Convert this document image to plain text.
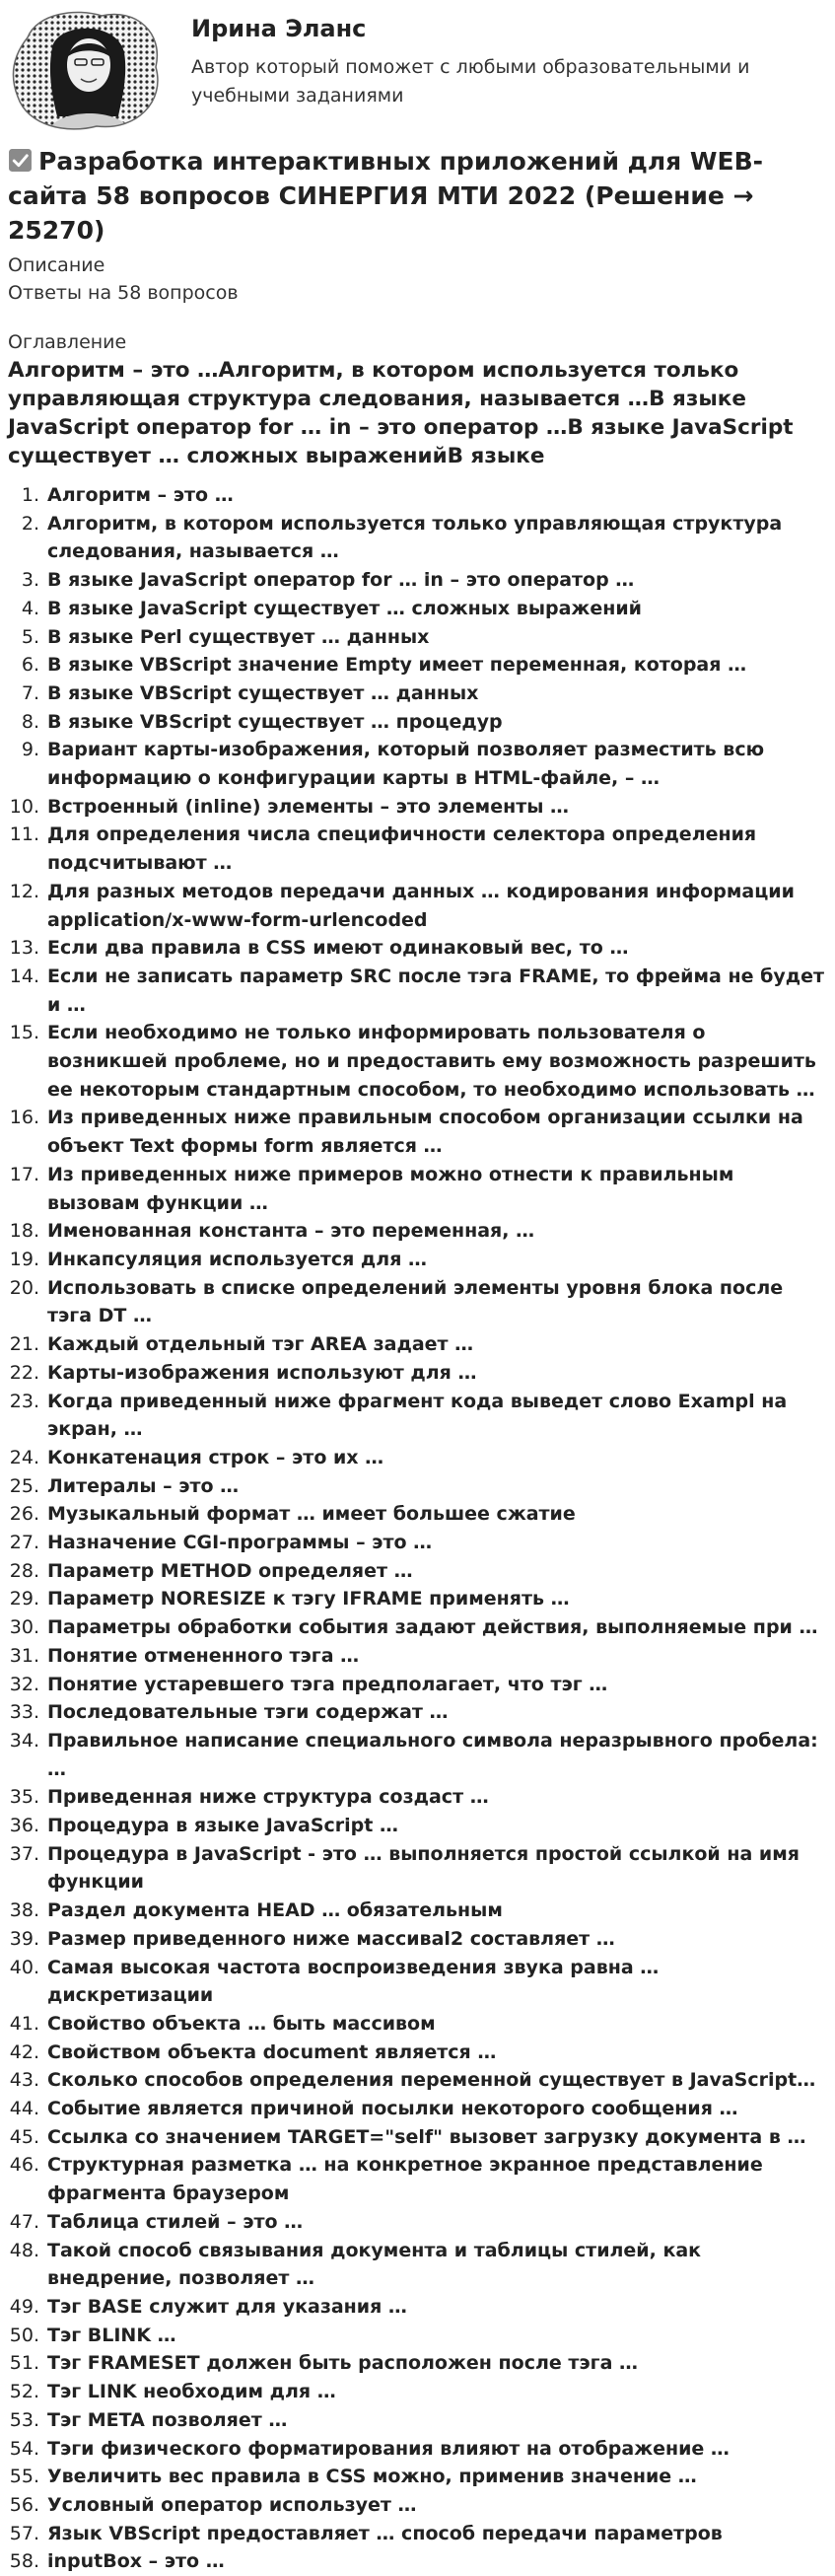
Ирина Эланс
Автор который поможет с любыми образовательными и учебными заданиями
Разработка интерактивных приложений для WEB-сайта 58 вопросов СИНЕРГИЯ МТИ 2022 (Решение → 25270)
Описание
Ответы на 58 вопросов
Оглавление
Алгоритм – это …Алгоритм, в котором используется только управляющая структура следования, называется …В языке JavaScript оператор for … in – это оператор …В языке JavaScript существует … сложных выраженийВ языке
1. Алгоритм – это …
2. Алгоритм, в котором используется только управляющая структура следования, называется …
3. В языке JavaScript оператор for … in – это оператор …
4. В языке JavaScript существует … сложных выражений
5. В языке Perl существует … данных
6. В языке VBScript значение Empty имеет переменная, которая …
7. В языке VBScript существует … данных
8. В языке VBScript существует … процедур
9. Вариант карты-изображения, который позволяет разместить всю информацию о конфигурации карты в HTML-файле, – …
10. Встроенный (inline) элементы – это элементы …
11. Для определения числа специфичности селектора определения подсчитывают …
12. Для разных методов передачи данных … кодирования информации application/x-www-form-urlencoded
13. Если два правила в CSS имеют одинаковый вес, то …
14. Если не записать параметр SRC после тэга FRAME, то фрейма не будет и …
15. Если необходимо не только информировать пользователя о возникшей проблеме, но и предоставить ему возможность разрешить ее некоторым стандартным способом, то необходимо использовать …
16. Из приведенных ниже правильным способом организации ссылки на объект Text формы form является …
17. Из приведенных ниже примеров можно отнести к правильным вызовам функции …
18. Именованная константа – это переменная, …
19. Инкапсуляция используется для …
20. Использовать в списке определений элементы уровня блока после тэга DT …
21. Каждый отдельный тэг AREA задает …
22. Карты-изображения используют для …
23. Когда приведенный ниже фрагмент кода выведет слово Exampl на экран, …
24. Конкатенация строк – это их …
25. Литералы – это …
26. Музыкальный формат … имеет большее сжатие
27. Назначение CGI-программы – это …
28. Параметр METHOD определяет …
29. Параметр NORESIZE к тэгу IFRAME применять …
30. Параметры обработки события задают действия, выполняемые при …
31. Понятие отмененного тэга …
32. Понятие устаревшего тэга предполагает, что тэг …
33. Последовательные тэги содержат …
34. Правильное написание специального символа неразрывного пробела: …
35. Приведенная ниже структура создаст …
36. Процедура в языке JavaScript …
37. Процедура в JavaScript - это … выполняется простой ссылкой на имя функции
38. Раздел документа HEAD … обязательным
39. Размер приведенного ниже массиваl2 составляет …
40. Самая высокая частота воспроизведения звука равна … дискретизации
41. Свойство объекта … быть массивом
42. Свойством объекта document является …
43. Сколько способов определения переменной существует в JavaScript…
44. Событие является причиной посылки некоторого сообщения …
45. Ссылка со значением TARGET="self" вызовет загрузку документа в …
46. Структурная разметка … на конкретное экранное представление фрагмента браузером
47. Таблица стилей – это …
48. Такой способ связывания документа и таблицы стилей, как внедрение, позволяет …
49. Тэг BASE служит для указания …
50. Тэг BLINK …
51. Тэг FRAMESET должен быть расположен после тэга …
52. Тэг LINK необходим для …
53. Тэг META позволяет …
54. Тэги физического форматирования влияют на отображение …
55. Увеличить вес правила в CSS можно, применив значение …
56. Условный оператор использует …
57. Язык VBScript предоставляет … способ передачи параметров
58. inputBox – это …
